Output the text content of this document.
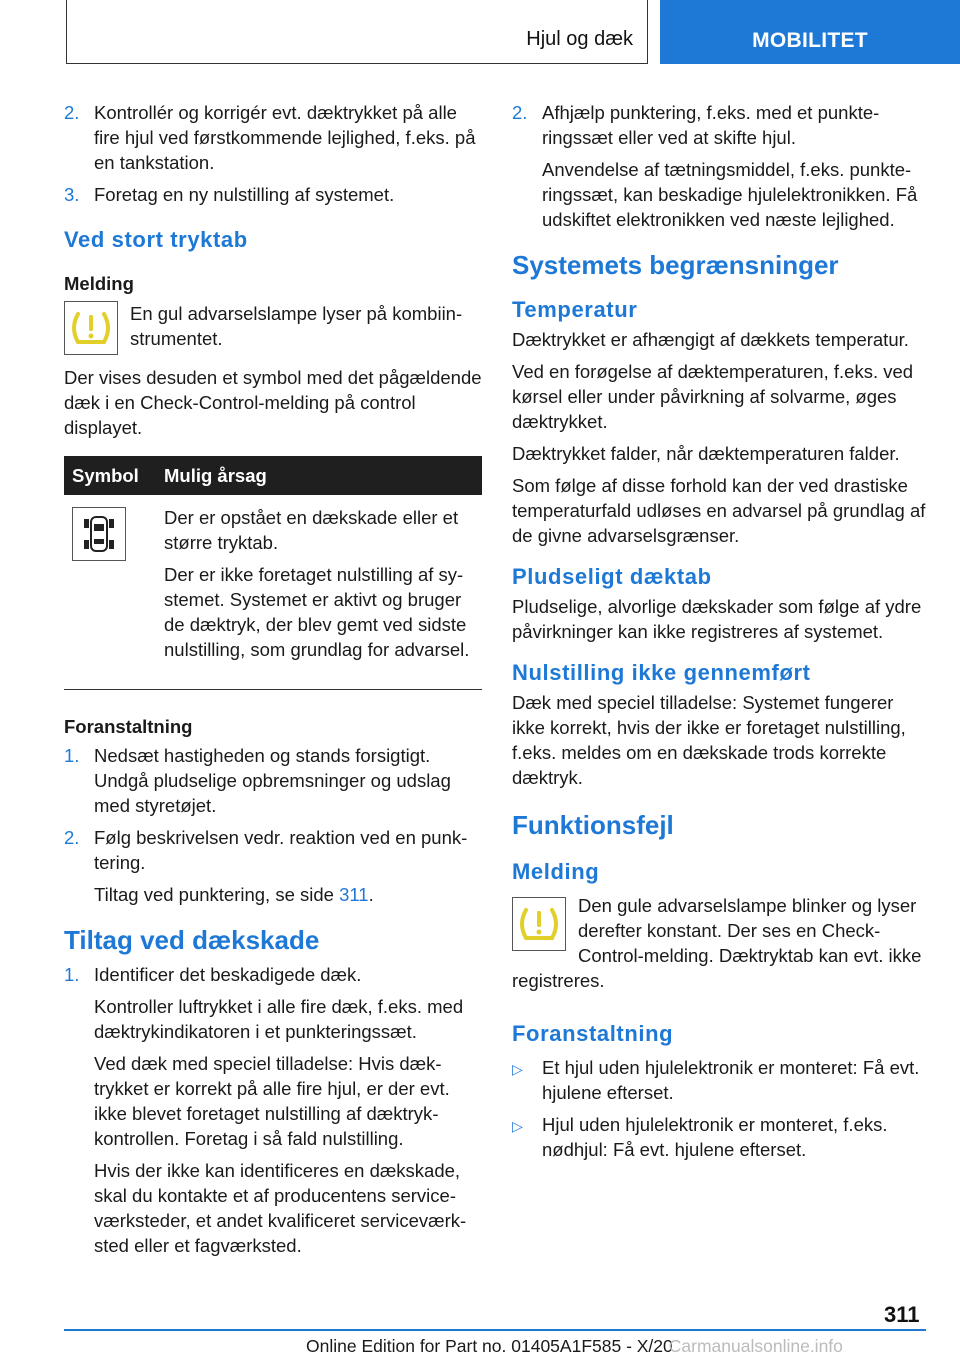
Hjul og dæk	MOBILITET
2. Kontrollér og korrigér evt. dæktrykket på alle fire hjul ved førstkommende lejlighed, f.eks. på en tankstation.
3. Foretag en ny nulstilling af systemet.
Ved stort tryktab
Melding

En gul advarselslampe lyser på kombiinstrumentet.

Der vises desuden et symbol med det pågældende dæk i en Check-Control-melding på control displayet.

Symbol	Mulig årsag

Der er opstået en dækskade eller et større tryktab.

Der er ikke foretaget nulstilling af systemet. Systemet er aktivt og bruger de dæktryk, der blev gemt ved sidste nulstilling, som grundlag for advarsel.

Foranstaltning
1. Nedsæt hastigheden og stands forsigtigt. Undgå pludselige opbremsninger og udslag med styretøjet.
2. Følg beskrivelsen vedr. reaktion ved en punktering.
Tiltag ved punktering, se side 311.
Tiltag ved dækskade
1. Identificer det beskadigede dæk.

Kontroller luftrykket i alle fire dæk, f.eks. med dæktrykindikatoren i et punkteringssæt.

Ved dæk med speciel tilladelse: Hvis dæktrykket er korrekt på alle fire hjul, er der evt. ikke blevet foretaget nulstilling af dæktrykkontrollen. Foretag i så fald nulstilling.

Hvis der ikke kan identificeres en dækskade, skal du kontakte et af producentens serviceværksteder, et andet kvalificeret serviceværksted eller et fagværksted.

2. Afhjælp punktering, f.eks. med et punkteringssæt eller ved at skifte hjul.

Anvendelse af tætningsmiddel, f.eks. punkteringssæt, kan beskadige hjulelektronikken. Få udskiftet elektronikken ved næste lejlighed.

Systemets begrænsninger
Temperatur

Dæktrykket er afhængigt af dækkets temperatur.

Ved en forøgelse af dæktemperaturen, f.eks. ved kørsel eller under påvirkning af solvarme, øges dæktrykket.

Dæktrykket falder, når dæktemperaturen falder.

Som følge af disse forhold kan der ved drastiske temperaturfald udløses en advarsel på grundlag af de givne advarselsgrænser.

Pludseligt dæktab

Pludselige, alvorlige dækskader som følge af ydre påvirkninger kan ikke registreres af systemet.

Nulstilling ikke gennemført

Dæk med speciel tilladelse: Systemet fungerer ikke korrekt, hvis der ikke er foretaget nulstilling, f.eks. meldes om en dækskade trods korrekte dæktryk.

Funktionsfejl
Melding

Den gule advarselslampe blinker og lyser derefter konstant. Der ses en Check-Control-melding. Dæktryktab kan evt. ikke registreres.

Foranstaltning
▷	Et hjul uden hjulelektronik er monteret: Få evt. hjulene efterset.
▷	Hjul uden hjulelektronik er monteret, f.eks. nødhjul: Få evt. hjulene efterset.
311
Online Edition for Part no. 01405A1F585 - X/20Carmanualsonline.info
